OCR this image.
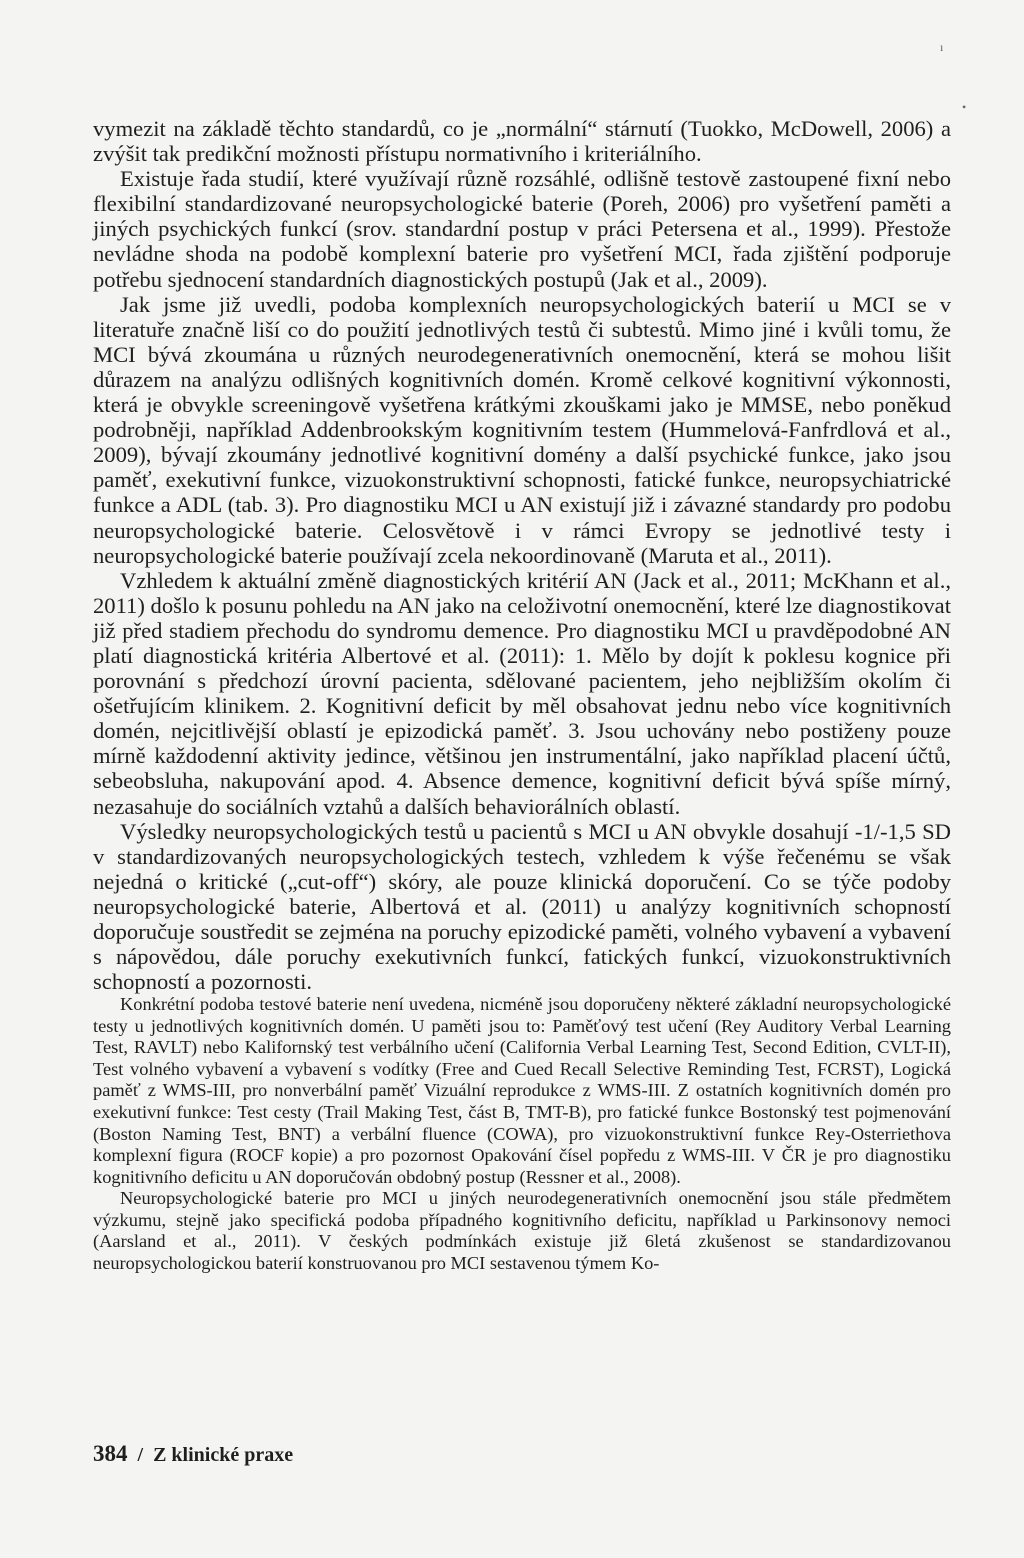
ı
•

vymezit na základě těchto standardů, co je „normální“ stárnutí (Tuokko, McDowell, 2006) a zvýšit tak predikční možnosti přístupu normativního i kriteriálního.

Existuje řada studií, které využívají různě rozsáhlé, odlišně testově zastoupené fixní nebo flexibilní standardizované neuropsychologické baterie (Poreh, 2006) pro vyšetření paměti a jiných psychických funkcí (srov. standardní postup v práci Petersena et al., 1999). Přestože nevládne shoda na podobě komplexní baterie pro vyšetření MCI, řada zjištění podporuje potřebu sjednocení standardních diagnostických postupů (Jak et al., 2009).

Jak jsme již uvedli, podoba komplexních neuropsychologických baterií u MCI se v literatuře značně liší co do použití jednotlivých testů či subtestů. Mimo jiné i kvůli tomu, že MCI bývá zkoumána u různých neurodegenerativních onemocnění, která se mohou lišit důrazem na analýzu odlišných kognitivních domén. Kromě celkové kognitivní výkonnosti, která je obvykle screeningově vyšetřena krátkými zkouškami jako je MMSE, nebo poněkud podrobněji, například Addenbrookským kognitivním testem (Hummelová-Fanfrdlová et al., 2009), bývají zkoumány jednotlivé kognitivní domény a další psychické funkce, jako jsou paměť, exekutivní funkce, vizuokonstruktivní schopnosti, fatické funkce, neuropsychiatrické funkce a ADL (tab. 3). Pro diagnostiku MCI u AN existují již i závazné standardy pro podobu neuropsychologické baterie. Celosvětově i v rámci Evropy se jednotlivé testy i neuropsychologické baterie používají zcela nekoordinovaně (Maruta et al., 2011).

Vzhledem k aktuální změně diagnostických kritérií AN (Jack et al., 2011; McKhann et al., 2011) došlo k posunu pohledu na AN jako na celoživotní onemocnění, které lze diagnostikovat již před stadiem přechodu do syndromu demence. Pro diagnostiku MCI u pravděpodobné AN platí diagnostická kritéria Albertové et al. (2011): 1. Mělo by dojít k poklesu kognice při porovnání s předchozí úrovní pacienta, sdělované pacientem, jeho nejbližším okolím či ošetřujícím klinikem. 2. Kognitivní deficit by měl obsahovat jednu nebo více kognitivních domén, nejcitlivější oblastí je epizodická paměť. 3. Jsou uchovány nebo postiženy pouze mírně každodenní aktivity jedince, většinou jen instrumentální, jako například placení účtů, sebeobsluha, nakupování apod. 4. Absence demence, kognitivní deficit bývá spíše mírný, nezasahuje do sociálních vztahů a dalších behaviorálních oblastí.

Výsledky neuropsychologických testů u pacientů s MCI u AN obvykle dosahují -1/-1,5 SD v standardizovaných neuropsychologických testech, vzhledem k výše řečenému se však nejedná o kritické („cut-off“) skóry, ale pouze klinická doporučení. Co se týče podoby neuropsychologické baterie, Albertová et al. (2011) u analýzy kognitivních schopností doporučuje soustředit se zejména na poruchy epizodické paměti, volného vybavení a vybavení s nápovědou, dále poruchy exekutivních funkcí, fatických funkcí, vizuokonstruktivních schopností a pozornosti.

Konkrétní podoba testové baterie není uvedena, nicméně jsou doporučeny některé základní neuropsychologické testy u jednotlivých kognitivních domén. U paměti jsou to: Paměťový test učení (Rey Auditory Verbal Learning Test, RAVLT) nebo Kalifornský test verbálního učení (California Verbal Learning Test, Second Edition, CVLT-II), Test volného vybavení a vybavení s vodítky (Free and Cued Recall Selective Reminding Test, FCRST), Logická paměť z WMS-III, pro nonverbální paměť Vizuální reprodukce z WMS-III. Z ostatních kognitivních domén pro exekutivní funkce: Test cesty (Trail Making Test, část B, TMT-B), pro fatické funkce Bostonský test pojmenování (Boston Naming Test, BNT) a verbální fluence (COWA), pro vizuokonstruktivní funkce Rey-Osterriethova komplexní figura (ROCF kopie) a pro pozornost Opakování čísel popředu z WMS-III. V ČR je pro diagnostiku kognitivního deficitu u AN doporučován obdobný postup (Ressner et al., 2008).

Neuropsychologické baterie pro MCI u jiných neurodegenerativních onemocnění jsou stále předmětem výzkumu, stejně jako specifická podoba případného kognitivního deficitu, například u Parkinsonovy nemoci (Aarsland et al., 2011). V českých podmínkách existuje již 6letá zkušenost se standardizovanou neuropsychologickou baterií konstruovanou pro MCI sestavenou týmem Ko-

384 / Z klinické praxe
